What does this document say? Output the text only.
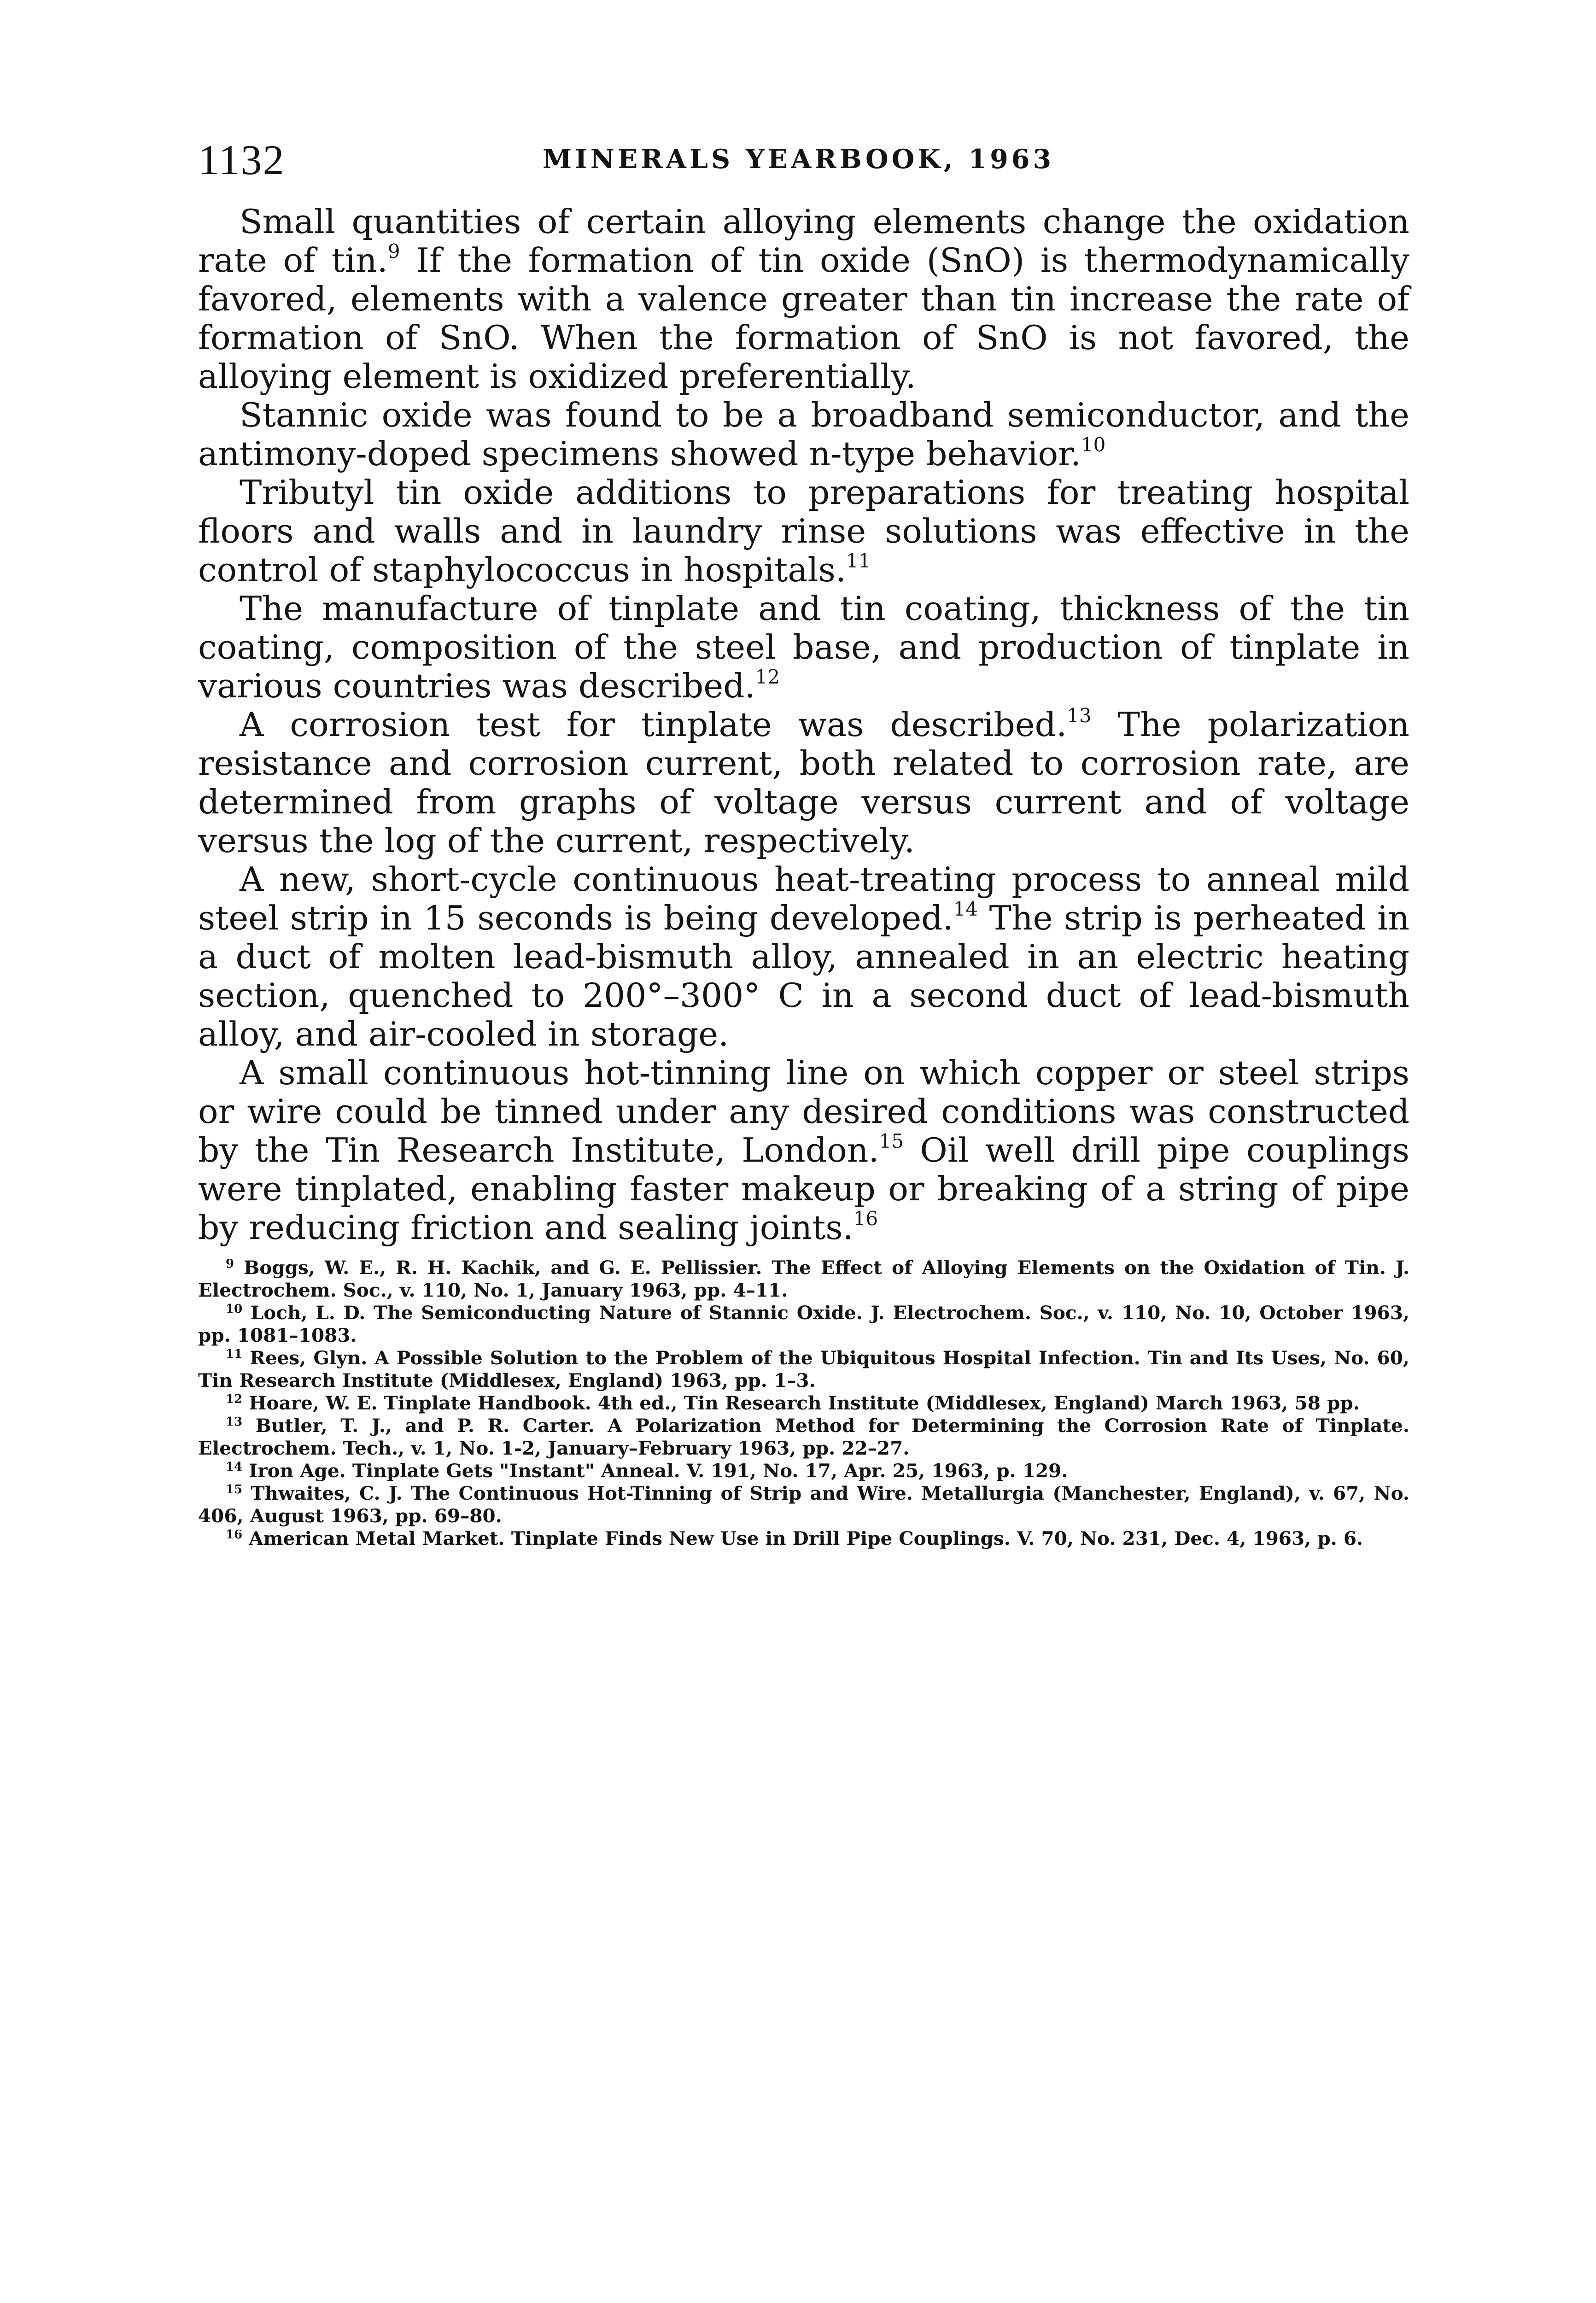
1132	MINERALS YEARBOOK, 1963

Small quantities of certain alloying elements change the oxidation rate of tin.$^9$ If the formation of tin oxide (SnO) is thermodynamically favored, elements with a valence greater than tin increase the rate of formation of SnO. When the formation of SnO is not favored, the alloying element is oxidized preferentially.

Stannic oxide was found to be a broadband semiconductor, and the antimony-doped specimens showed n-type behavior.$^{10}$

Tributyl tin oxide additions to preparations for treating hospital floors and walls and in laundry rinse solutions was effective in the control of staphylococcus in hospitals.$^{11}$

The manufacture of tinplate and tin coating, thickness of the tin coating, composition of the steel base, and production of tinplate in various countries was described.$^{12}$

A corrosion test for tinplate was described.$^{13}$ The polarization resistance and corrosion current, both related to corrosion rate, are determined from graphs of voltage versus current and of voltage versus the log of the current, respectively.

A new, short-cycle continuous heat-treating process to anneal mild steel strip in 15 seconds is being developed.$^{14}$ The strip is perheated in a duct of molten lead-bismuth alloy, annealed in an electric heating section, quenched to 200°–300° C in a second duct of lead-bismuth alloy, and air-cooled in storage.

A small continuous hot-tinning line on which copper or steel strips or wire could be tinned under any desired conditions was constructed by the Tin Research Institute, London.$^{15}$ Oil well drill pipe couplings were tinplated, enabling faster makeup or breaking of a string of pipe by reducing friction and sealing joints.$^{16}$

$^9$ Boggs, W. E., R. H. Kachik, and G. E. Pellissier. The Effect of Alloying Elements on the Oxidation of Tin. J. Electrochem. Soc., v. 110, No. 1, January 1963, pp. 4–11.

$^{10}$ Loch, L. D. The Semiconducting Nature of Stannic Oxide. J. Electrochem. Soc., v. 110, No. 10, October 1963, pp. 1081–1083.

$^{11}$ Rees, Glyn. A Possible Solution to the Problem of the Ubiquitous Hospital Infection. Tin and Its Uses, No. 60, Tin Research Institute (Middlesex, England) 1963, pp. 1–3.

$^{12}$ Hoare, W. E. Tinplate Handbook. 4th ed., Tin Research Institute (Middlesex, England) March 1963, 58 pp.

$^{13}$ Butler, T. J., and P. R. Carter. A Polarization Method for Determining the Corrosion Rate of Tinplate. Electrochem. Tech., v. 1, No. 1-2, January–February 1963, pp. 22–27.

$^{14}$ Iron Age. Tinplate Gets "Instant" Anneal. V. 191, No. 17, Apr. 25, 1963, p. 129.

$^{15}$ Thwaites, C. J. The Continuous Hot-Tinning of Strip and Wire. Metallurgia (Manchester, England), v. 67, No. 406, August 1963, pp. 69–80.

$^{16}$ American Metal Market. Tinplate Finds New Use in Drill Pipe Couplings. V. 70, No. 231, Dec. 4, 1963, p. 6.
